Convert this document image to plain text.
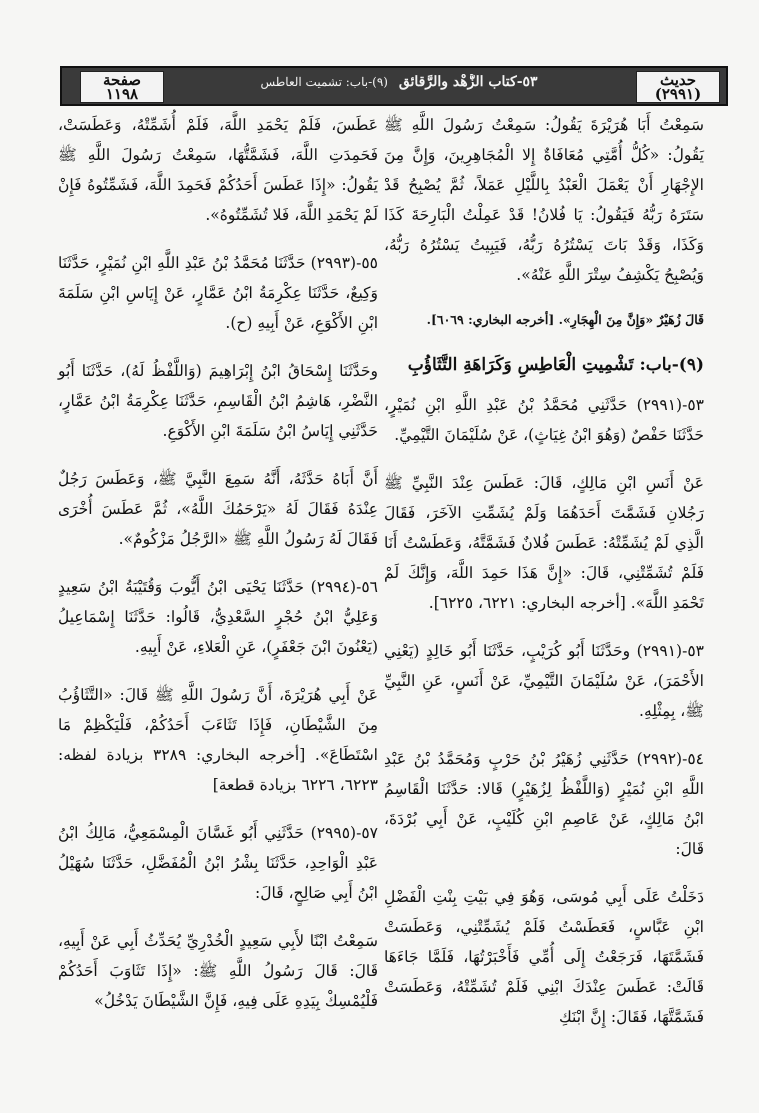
حديث
(٢٩٩١)
٥٣-كتاب الزُّهْد والرَّقائق (٩)-باب: تشميت العاطس
صفحة
١١٩٨

سَمِعْتُ أَبَا هُرَيْرَةَ يَقُولُ: سَمِعْتُ رَسُولَ اللَّهِ ﷺ يَقُولُ: «كُلُّ أُمَّتِي مُعَافَاةٌ إِلا الْمُجَاهِرِينَ، وَإِنَّ مِنَ الإِجْهَارِ أَنْ يَعْمَلَ الْعَبْدُ بِاللَّيْلِ عَمَلاً، ثُمَّ يُصْبِحُ قَدْ سَتَرَهُ رَبُّهُ فَيَقُولُ: يَا فُلانُ! قَدْ عَمِلْتُ الْبَارِحَةَ كَذَا وَكَذَا، وَقَدْ بَاتَ يَسْتُرُهُ رَبُّهُ، فَيَبِيتُ يَسْتُرُهُ رَبُّهُ، وَيُصْبِحُ يَكْشِفُ سِتْرَ اللَّهِ عَنْهُ».

قَالَ زُهَيْرٌ «وَإِنَّ مِنَ الْهِجَارِ». [أخرجه البخاري: ٦٠٦٩].

(٩)-باب: تَشْمِيتِ الْعَاطِسِ وَكَرَاهَةِ التَّثَاؤُبِ

٥٣-(٢٩٩١) حَدَّثَنِي مُحَمَّدُ بْنُ عَبْدِ اللَّهِ ابْنِ نُمَيْرٍ، حَدَّثَنَا حَفْصٌ (وَهُوَ ابْنُ غِيَاثٍ)، عَنْ سُلَيْمَانَ التَّيْمِيِّ.

عَنْ أَنَسِ ابْنِ مَالِكٍ، قَالَ: عَطَسَ عِنْدَ النَّبِيِّ ﷺ رَجُلانِ فَشَمَّتَ أَحَدَهُمَا وَلَمْ يُشَمِّتِ الآخَرَ، فَقَالَ الَّذِي لَمْ يُشَمِّتْهُ: عَطَسَ فُلانٌ فَشَمَّتَّهُ، وَعَطَسْتُ أَنَا فَلَمْ تُشَمِّتْنِي، قَالَ: «إِنَّ هَذَا حَمِدَ اللَّهَ، وَإِنَّكَ لَمْ تَحْمَدِ اللَّهَ». [أخرجه البخاري: ٦٢٢١، ٦٢٢٥].

٥٣-(٢٩٩١) وحَدَّثَنَا أَبُو كُرَيْبٍ، حَدَّثَنَا أَبُو خَالِدٍ (يَعْنِي الأَحْمَرَ)، عَنْ سُلَيْمَانَ التَّيْمِيِّ، عَنْ أَنَسٍ، عَنِ النَّبِيِّ ﷺ، بِمِثْلِهِ.

٥٤-(٢٩٩٢) حَدَّثَنِي زُهَيْرُ بْنُ حَرْبٍ وَمُحَمَّدُ بْنُ عَبْدِ اللَّهِ ابْنِ نُمَيْرٍ (وَاللَّفْظُ لِزُهَيْرٍ) قَالا: حَدَّثَنَا الْقَاسِمُ ابْنُ مَالِكٍ، عَنْ عَاصِمِ ابْنِ كُلَيْبٍ، عَنْ أَبِي بُرْدَةَ، قَالَ:

دَخَلْتُ عَلَى أَبِي مُوسَى، وَهُوَ فِي بَيْتِ بِنْتِ الْفَضْلِ ابْنِ عَبَّاسٍ، فَعَطَسْتُ فَلَمْ يُشَمِّتْنِي، وَعَطَسَتْ فَشَمَّتَهَا، فَرَجَعْتُ إِلَى أُمِّي فَأَخْبَرْتُهَا، فَلَمَّا جَاءَهَا قَالَتْ: عَطَسَ عِنْدَكَ ابْنِي فَلَمْ تُشَمِّتْهُ، وَعَطَسَتْ فَشَمَّتَّهَا، فَقَالَ: إِنَّ ابْنَكِ

عَطَسَ، فَلَمْ يَحْمَدِ اللَّهَ، فَلَمْ أُشَمِّتْهُ، وَعَطَسَتْ، فَحَمِدَتِ اللَّهَ، فَشَمَّتُّهَا، سَمِعْتُ رَسُولَ اللَّهِ ﷺ يَقُولُ: «إِذَا عَطَسَ أَحَدُكُمْ فَحَمِدَ اللَّهَ، فَشَمِّتُوهُ فَإِنْ لَمْ يَحْمَدِ اللَّهَ، فَلا تُشَمِّتُوهُ».

٥٥-(٢٩٩٣) حَدَّثَنَا مُحَمَّدُ بْنُ عَبْدِ اللَّهِ ابْنِ نُمَيْرٍ، حَدَّثَنَا وَكِيعٌ، حَدَّثَنَا عِكْرِمَةُ ابْنُ عَمَّارٍ، عَنْ إِيَاسِ ابْنِ سَلَمَةَ ابْنِ الأَكْوَعِ، عَنْ أَبِيهِ (ح).

وحَدَّثَنَا إِسْحَاقُ ابْنُ إِبْرَاهِيمَ (وَاللَّفْظُ لَهُ)، حَدَّثَنَا أَبُو النَّضْرِ، هَاشِمُ ابْنُ الْقَاسِمِ، حَدَّثَنَا عِكْرِمَةُ ابْنُ عَمَّارٍ، حَدَّثَنِي إِيَاسُ ابْنُ سَلَمَةَ ابْنِ الأَكْوَعِ.

أَنَّ أَبَاهُ حَدَّثَهُ، أَنَّهُ سَمِعَ النَّبِيَّ ﷺ، وَعَطَسَ رَجُلٌ عِنْدَهُ فَقَالَ لَهُ «يَرْحَمُكَ اللَّهُ»، ثُمَّ عَطَسَ أُخْرَى فَقَالَ لَهُ رَسُولُ اللَّهِ ﷺ «الرَّجُلُ مَزْكُومٌ».

٥٦-(٢٩٩٤) حَدَّثَنَا يَحْيَى ابْنُ أَيُّوبَ وَقُتَيْبَةُ ابْنُ سَعِيدٍ وَعَلِيُّ ابْنُ حُجْرٍ السَّعْدِيُّ، قَالُوا: حَدَّثَنَا إِسْمَاعِيلُ (يَعْنُونَ ابْنَ جَعْفَرٍ)، عَنِ الْعَلاءِ، عَنْ أَبِيهِ.

عَنْ أَبِي هُرَيْرَةَ، أَنَّ رَسُولَ اللَّهِ ﷺ قَالَ: «التَّثَاؤُبُ مِنَ الشَّيْطَانِ، فَإِذَا تَثَاءَبَ أَحَدُكُمْ، فَلْيَكْظِمْ مَا اسْتَطَاعَ». [أخرجه البخاري: ٣٢٨٩ بزيادة لفظه: ٦٢٢٣، ٦٢٢٦ بزيادة قطعة]

٥٧-(٢٩٩٥) حَدَّثَنِي أَبُو غَسَّانَ الْمِسْمَعِيُّ، مَالِكُ ابْنُ عَبْدِ الْوَاحِدِ، حَدَّثَنَا بِشْرُ ابْنُ الْمُفَضَّلِ، حَدَّثَنَا سُهَيْلُ ابْنُ أَبِي صَالِحٍ، قَالَ:

سَمِعْتُ ابْنًا لأَبِي سَعِيدٍ الْخُدْرِيِّ يُحَدِّثُ أَبِي عَنْ أَبِيهِ، قَالَ: قَالَ رَسُولُ اللَّهِ ﷺ: «إِذَا تَثَاوَبَ أَحَدُكُمْ فَلْيُمْسِكْ بِيَدِهِ عَلَى فِيهِ، فَإِنَّ الشَّيْطَانَ يَدْخُلُ»
